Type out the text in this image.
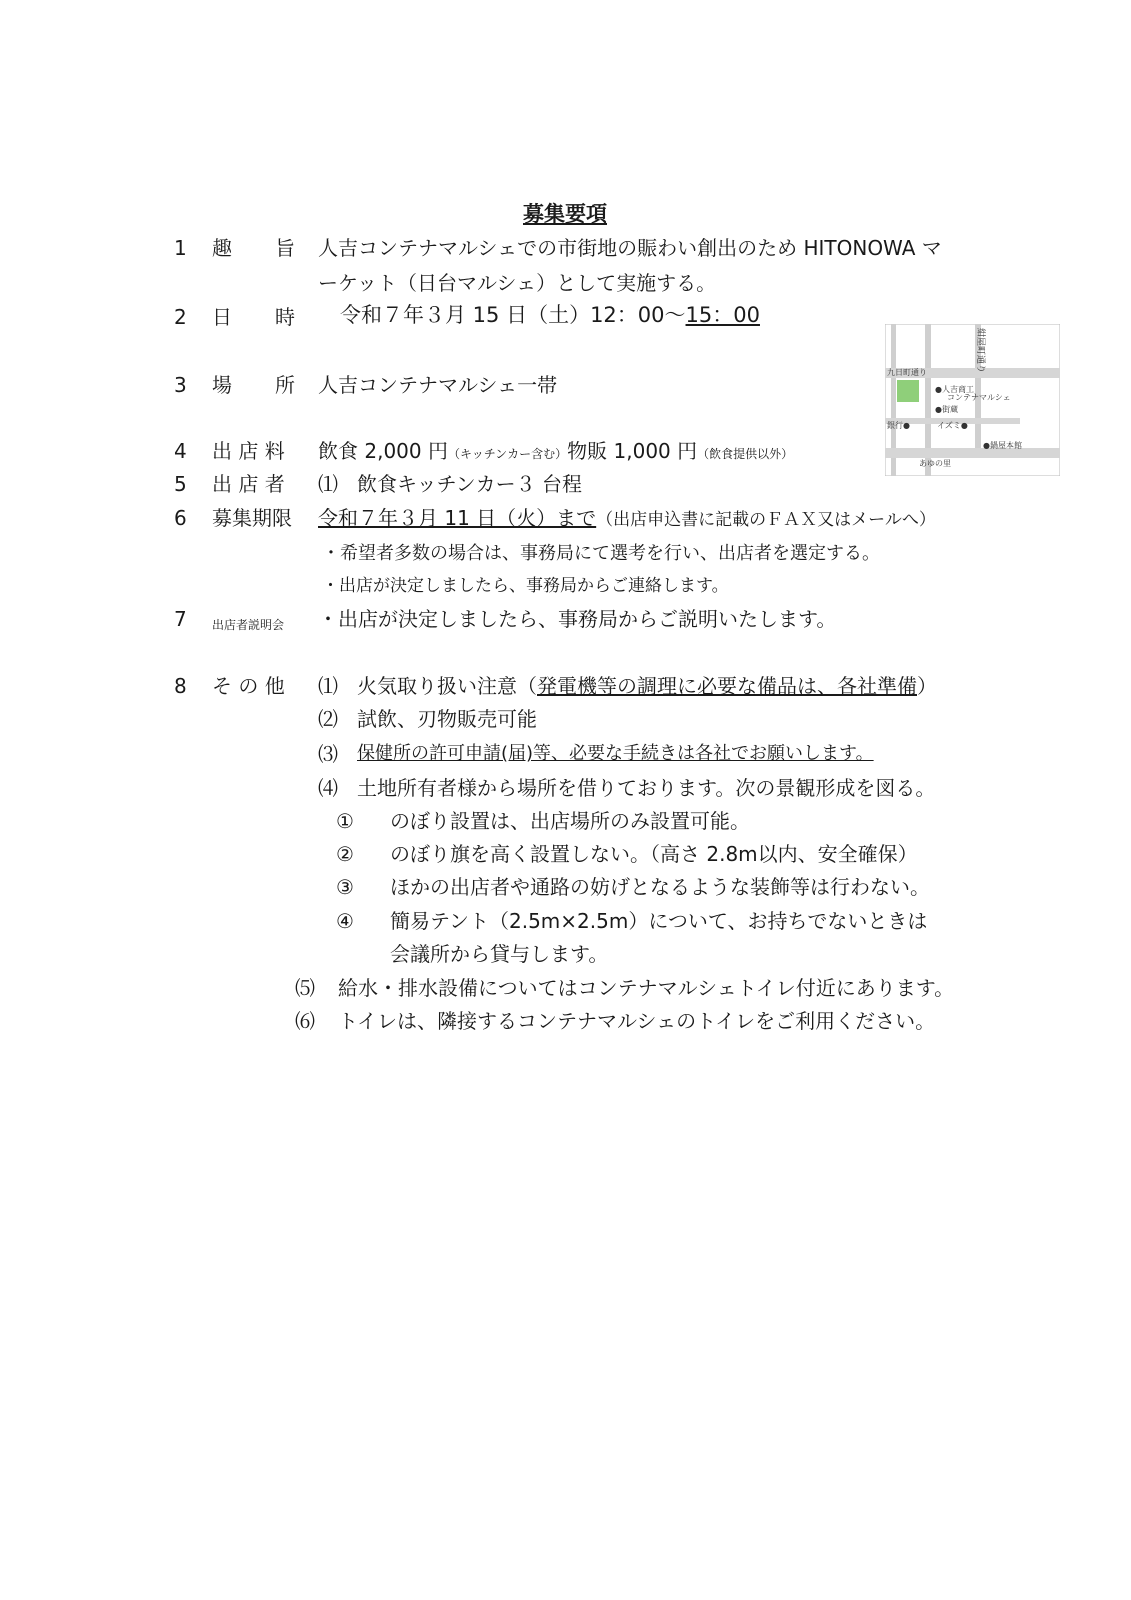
募集要項
1 趣 旨 人吉コンテナマルシェでの市街地の賑わい創出のため HITONOWA マ
ーケット（日台マルシェ）として実施する。
2 日 時 令和７年３月 15 日（土）12：00～15：00
3 場 所 人吉コンテナマルシェ一帯
紺屋町通り
九日町通り
●人吉商工
コンテナマルシェ
●街蔵
銀行●	イズミ●
●鍋屋本館
あゆの里
4 出 店 料 飲食 2,000 円（キッチンカー含む）物販 1,000 円（飲食提供以外）
5 出 店 者 ⑴ 飲食キッチンカー３ 台程
6 募集期限 令和７年３月 11 日（火）まで（出店申込書に記載のＦＡＸ又はメールへ）
・希望者多数の場合は、事務局にて選考を行い、出店者を選定する。
・出店が決定しましたら、事務局からご連絡します。
7 出店者説明会 ・出店が決定しましたら、事務局からご説明いたします。
8 そ の 他 ⑴ 火気取り扱い注意（発電機等の調理に必要な備品は、各社準備）
⑵ 試飲、刃物販売可能
⑶ 保健所の許可申請(届)等、必要な手続きは各社でお願いします。
⑷ 土地所有者様から場所を借りております。次の景観形成を図る。
① のぼり設置は、出店場所のみ設置可能。
② のぼり旗を高く設置しない。（高さ 2.8m以内、安全確保）
③ ほかの出店者や通路の妨げとなるような装飾等は行わない。
④ 簡易テント（2.5m×2.5m）について、お持ちでないときは
会議所から貸与します。
⑸ 給水・排水設備についてはコンテナマルシェトイレ付近にあります。
⑹ トイレは、隣接するコンテナマルシェのトイレをご利用ください。
